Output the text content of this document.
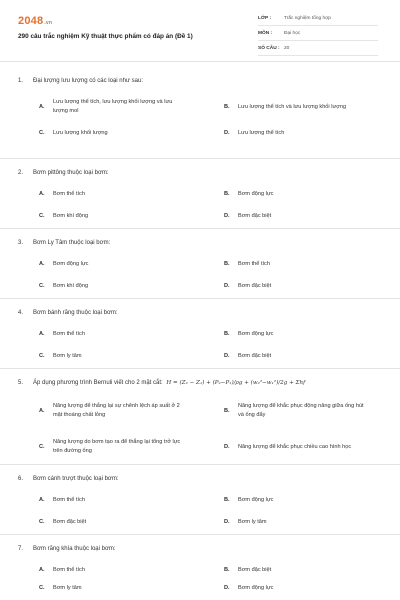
2048.vn
290 câu trắc nghiệm Kỹ thuật thực phẩm có đáp án (Đề 1)
LỚP :	Trắc nghiệm tổng hợp
MÔN :	Đại học
SỐ CÂU : 20
1.	Đại lượng lưu lượng có các loại như sau:
A.
Lưu lượng thể tích, lưu lượng khối lượng và lưu lượng mol
B.	Lưu lượng thể tích và lưu lượng khối lượng
C.	Lưu lượng khối lượng	D.	Lưu lượng thể tích
2.	Bơm pittông thuộc loại bơm:
A.	Bơm thể tích	B.	Bơm động lực
C.	Bơm khí động	D.	Bơm đặc biệt
3.	Bơm Ly Tâm thuộc loại bơm:
A.	Bơm động lực	B.	Bơm thể tích
C.	Bơm khí động	D.	Bơm đặc biệt
4.	Bơm bánh răng thuộc loại bơm:
A.	Bơm thể tích	B.	Bơm động lực
C.	Bơm ly tâm	D.	Bơm đặc biệt
5.	Áp dụng phương trình Bernuli viết cho 2 mặt cắt: H = (Z₂ − Z₁) + (P₂−P₁)/ρg + (w₂²−w₁²)/2g + Σhf
A.
Năng lượng để thắng lại sự chênh lệch áp suất ở 2 mặt thoáng chất lỏng
B.
Năng lượng để khắc phục động năng giữa ống hút và ống đẩy
C.
Năng lượng do bơm tạo ra để thắng lại tổng trở lực trên đường ống
D.	Năng lượng để khắc phục chiều cao hình học
6.	Bơm cánh trượt thuộc loại bơm:
A.	Bơm thể tích	B.	Bơm động lực
C.	Bơm đặc biệt	D.	Bơm ly tâm
7.	Bơm răng khía thuộc loại bơm:
A.	Bơm thể tích	B.	Bơm đặc biệt
C.	Bơm ly tâm	D.	Bơm động lực
